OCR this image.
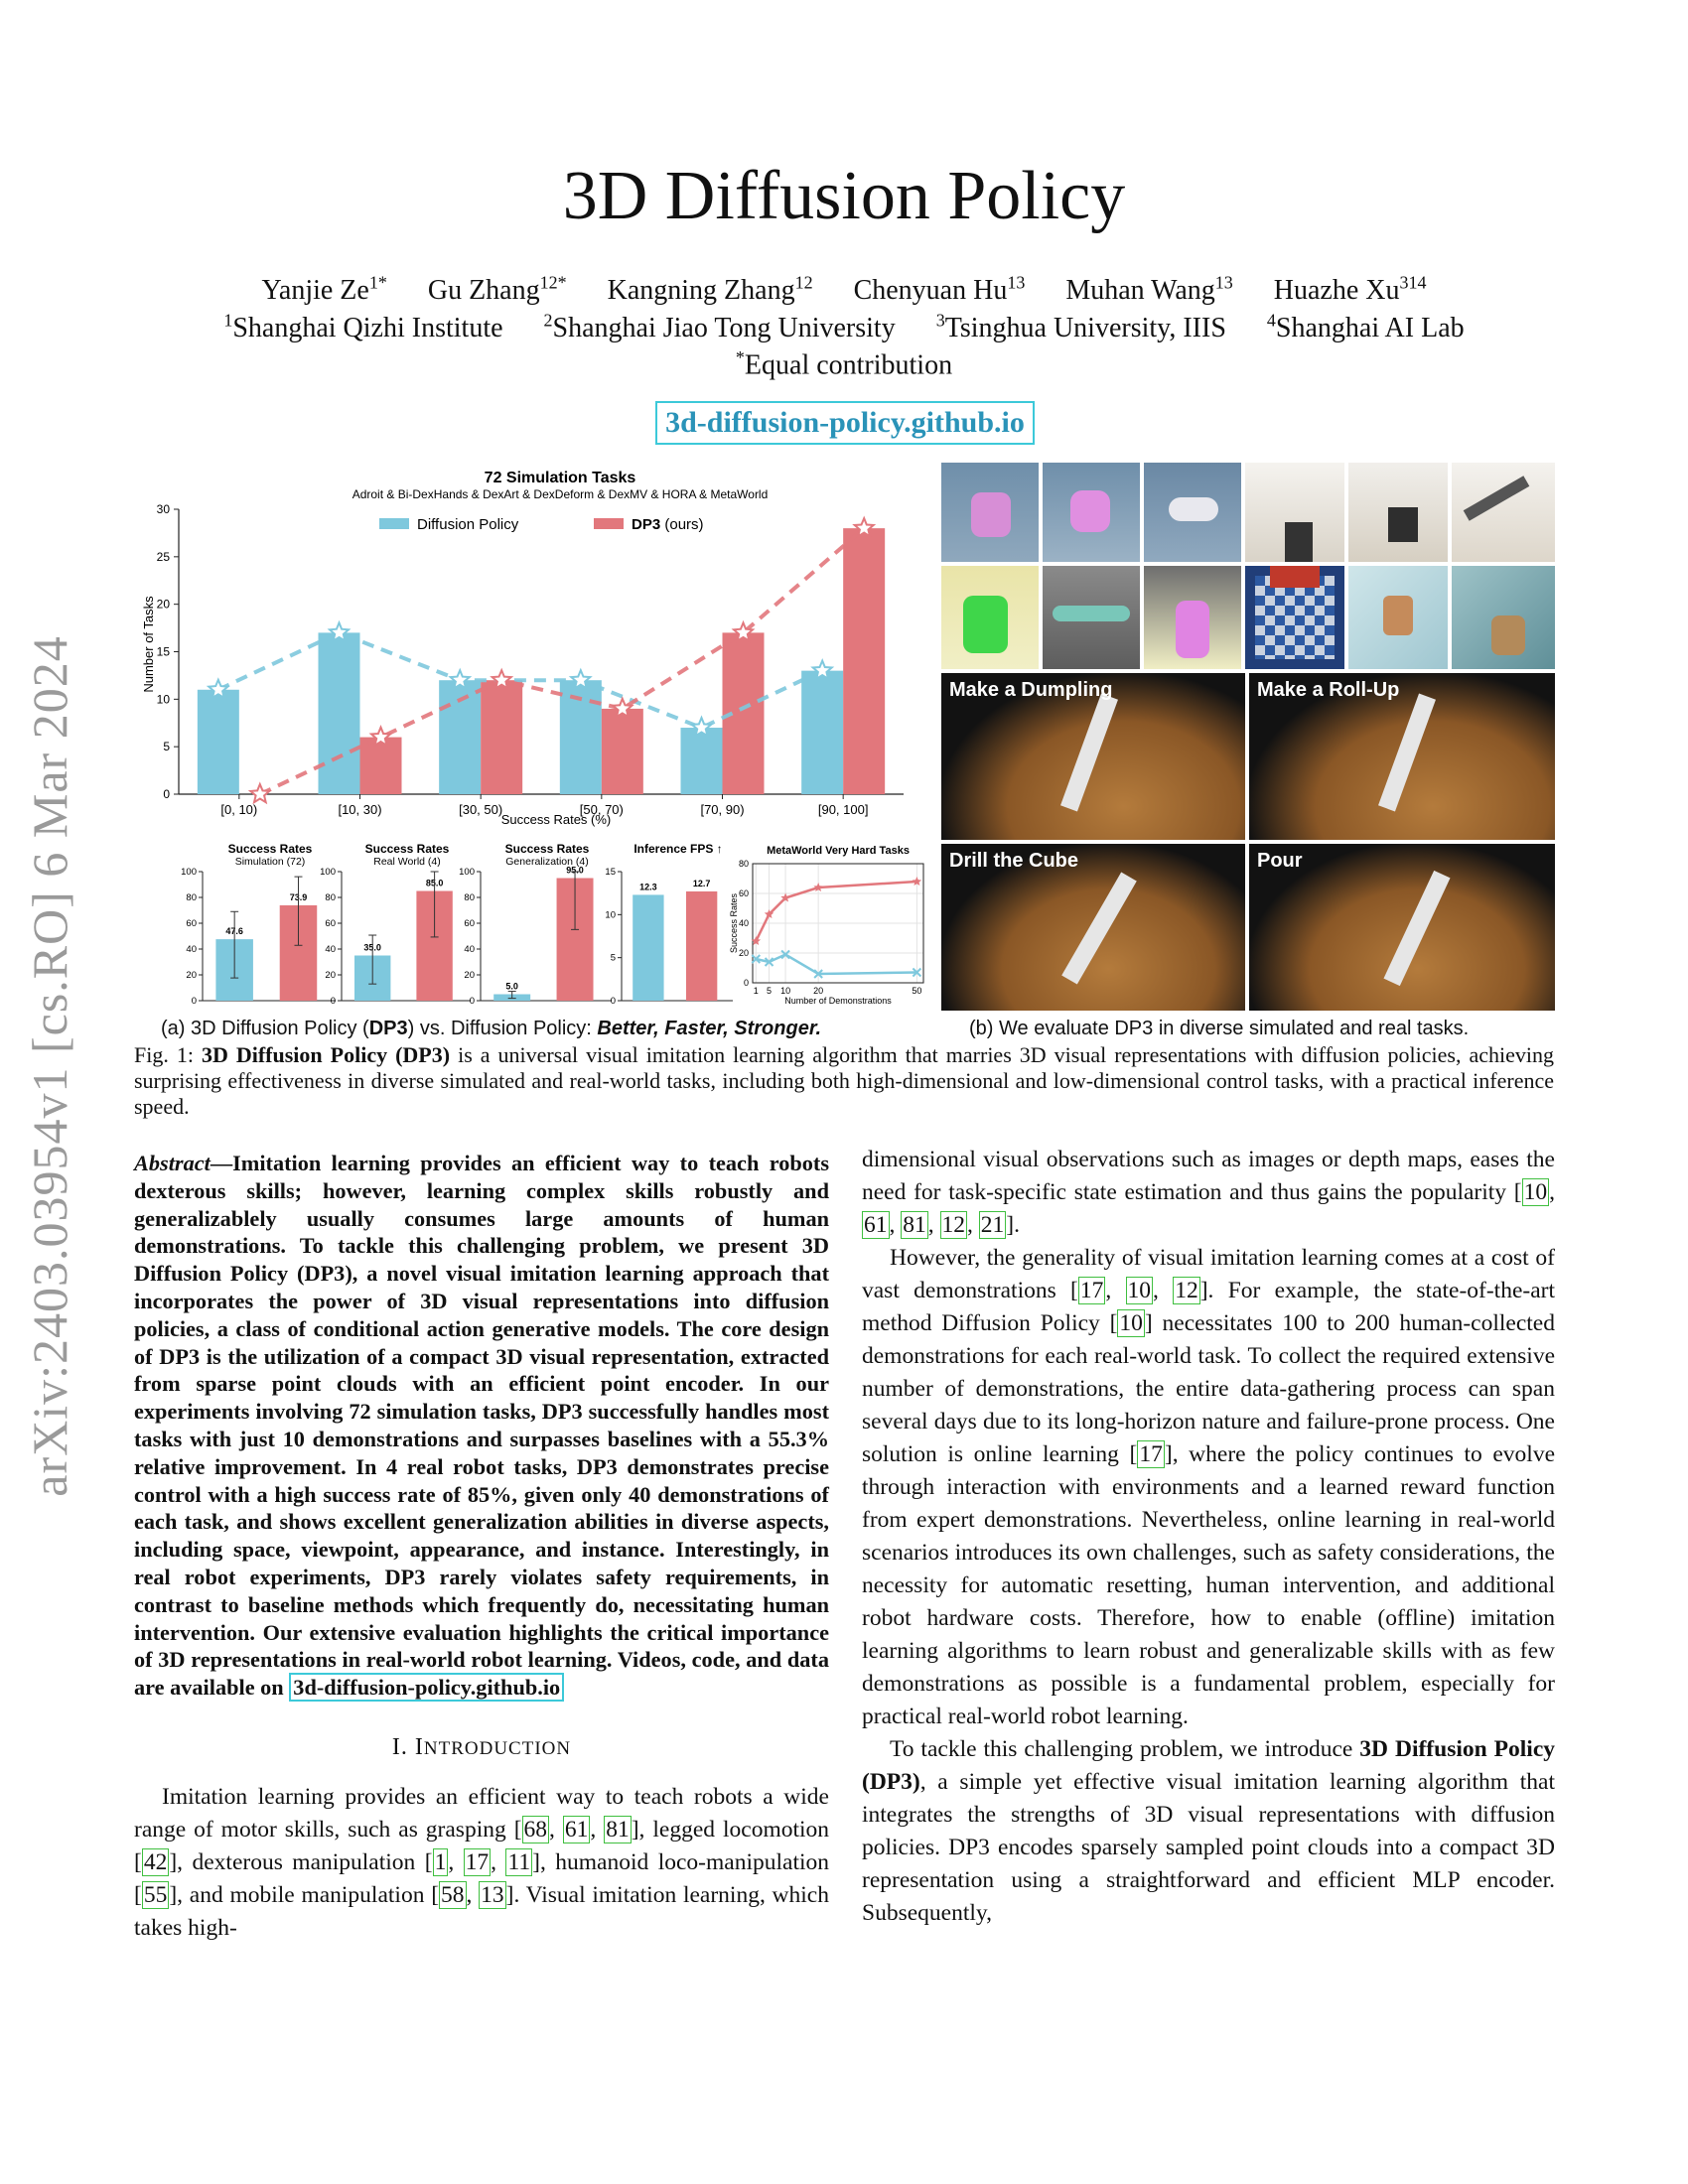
arXiv:2403.03954v1 [cs.RO] 6 Mar 2024
3D Diffusion Policy
Yanjie $Ze^{1*}$ Gu Zhang$^{12*}$ Kangning Zhang$^{12}$ Chenyuan Hu$^{13}$ Muhan Wang$^{13}$ Huazhe Xu$^{314}$
$^1$Shanghai Qizhi Institute $^2$Shanghai Jiao Tong University $^3$Tsinghua University, IIIS $^4$Shanghai AI Lab
*Equal contribution
3d-diffusion-policy.github.io
72 Simulation Tasks
Adroit & Bi-DexHands & DexArt & DexDeform & DexMV & HORA & MetaWorld
Diffusion Policy	DP3 (ours)
0
5
10
15
20
25
30
[0, 10)	[10, 30)	[30, 50)	[50, 70)	[70, 90)	[90, 100]
Success Rates (%)
Number of Tasks
Success Rates
Simulation (72)
0
20
40
60
80
100
47.6
73.9
Success Rates
Real World (4)
0
20
40
60
80
100
35.0
85.0
Success Rates
Generalization (4)
0
20
40
60
80
100
5.0
95.0
Inference FPS ↑
0
5
10
15
12.3	12.7
MetaWorld Very Hard Tasks
0
20
40
60
80
1 5 10	20	50
Number of Demonstrations
Success Rates
Make a Dumpling	Make a Roll-Up
Drill the Cube	Pour
(a) 3D Diffusion Policy (DP3) vs. Diffusion Policy: Better, Faster, Stronger.	(b) We evaluate DP3 in diverse simulated and real tasks.
Fig. 1: 3D Diffusion Policy (DP3) is a universal visual imitation learning algorithm that marries 3D visual representations with diffusion policies, achieving surprising effectiveness in diverse simulated and real-world tasks, including both high-dimensional and low-dimensional control tasks, with a practical inference speed.

Abstract—Imitation learning provides an efficient way to teach robots dexterous skills; however, learning complex skills robustly and generalizablely usually consumes large amounts of human demonstrations. To tackle this challenging problem, we present 3D Diffusion Policy (DP3), a novel visual imitation learning approach that incorporates the power of 3D visual representations into diffusion policies, a class of conditional action generative models. The core design of DP3 is the utilization of a compact 3D visual representation, extracted from sparse point clouds with an efficient point encoder. In our experiments involving 72 simulation tasks, DP3 successfully handles most tasks with just 10 demonstrations and surpasses baselines with a 55.3% relative improvement. In 4 real robot tasks, DP3 demonstrates precise control with a high success rate of 85%, given only 40 demonstrations of each task, and shows excellent generalization abilities in diverse aspects, including space, viewpoint, appearance, and instance. Interestingly, in real robot experiments, DP3 rarely violates safety requirements, in contrast to baseline methods which frequently do, necessitating human intervention. Our extensive evaluation highlights the critical importance of 3D representations in real-world robot learning. Videos, code, and data are available on 3d-diffusion-policy.github.io

I. INTRODUCTION

Imitation learning provides an efficient way to teach robots a wide range of motor skills, such as grasping [68, 61, 81], legged locomotion [42], dexterous manipulation [1, 17, 11], humanoid loco-manipulation [55], and mobile manipulation [58, 13]. Visual imitation learning, which takes high-

dimensional visual observations such as images or depth maps, eases the need for task-specific state estimation and thus gains the popularity [10, 61, 81, 12, 21].

However, the generality of visual imitation learning comes at a cost of vast demonstrations [17, 10, 12]. For example, the state-of-the-art method Diffusion Policy [10] necessitates 100 to 200 human-collected demonstrations for each real-world task. To collect the required extensive number of demonstrations, the entire data-gathering process can span several days due to its long-horizon nature and failure-prone process. One solution is online learning [17], where the policy continues to evolve through interaction with environments and a learned reward function from expert demonstrations. Nevertheless, online learning in real-world scenarios introduces its own challenges, such as safety considerations, the necessity for automatic resetting, human intervention, and additional robot hardware costs. Therefore, how to enable (offline) imitation learning algorithms to learn robust and generalizable skills with as few demonstrations as possible is a fundamental problem, especially for practical real-world robot learning.

To tackle this challenging problem, we introduce 3D Diffusion Policy (DP3), a simple yet effective visual imitation learning algorithm that integrates the strengths of 3D visual representations with diffusion policies. DP3 encodes sparsely sampled point clouds into a compact 3D representation using a straightforward and efficient MLP encoder. Subsequently,
